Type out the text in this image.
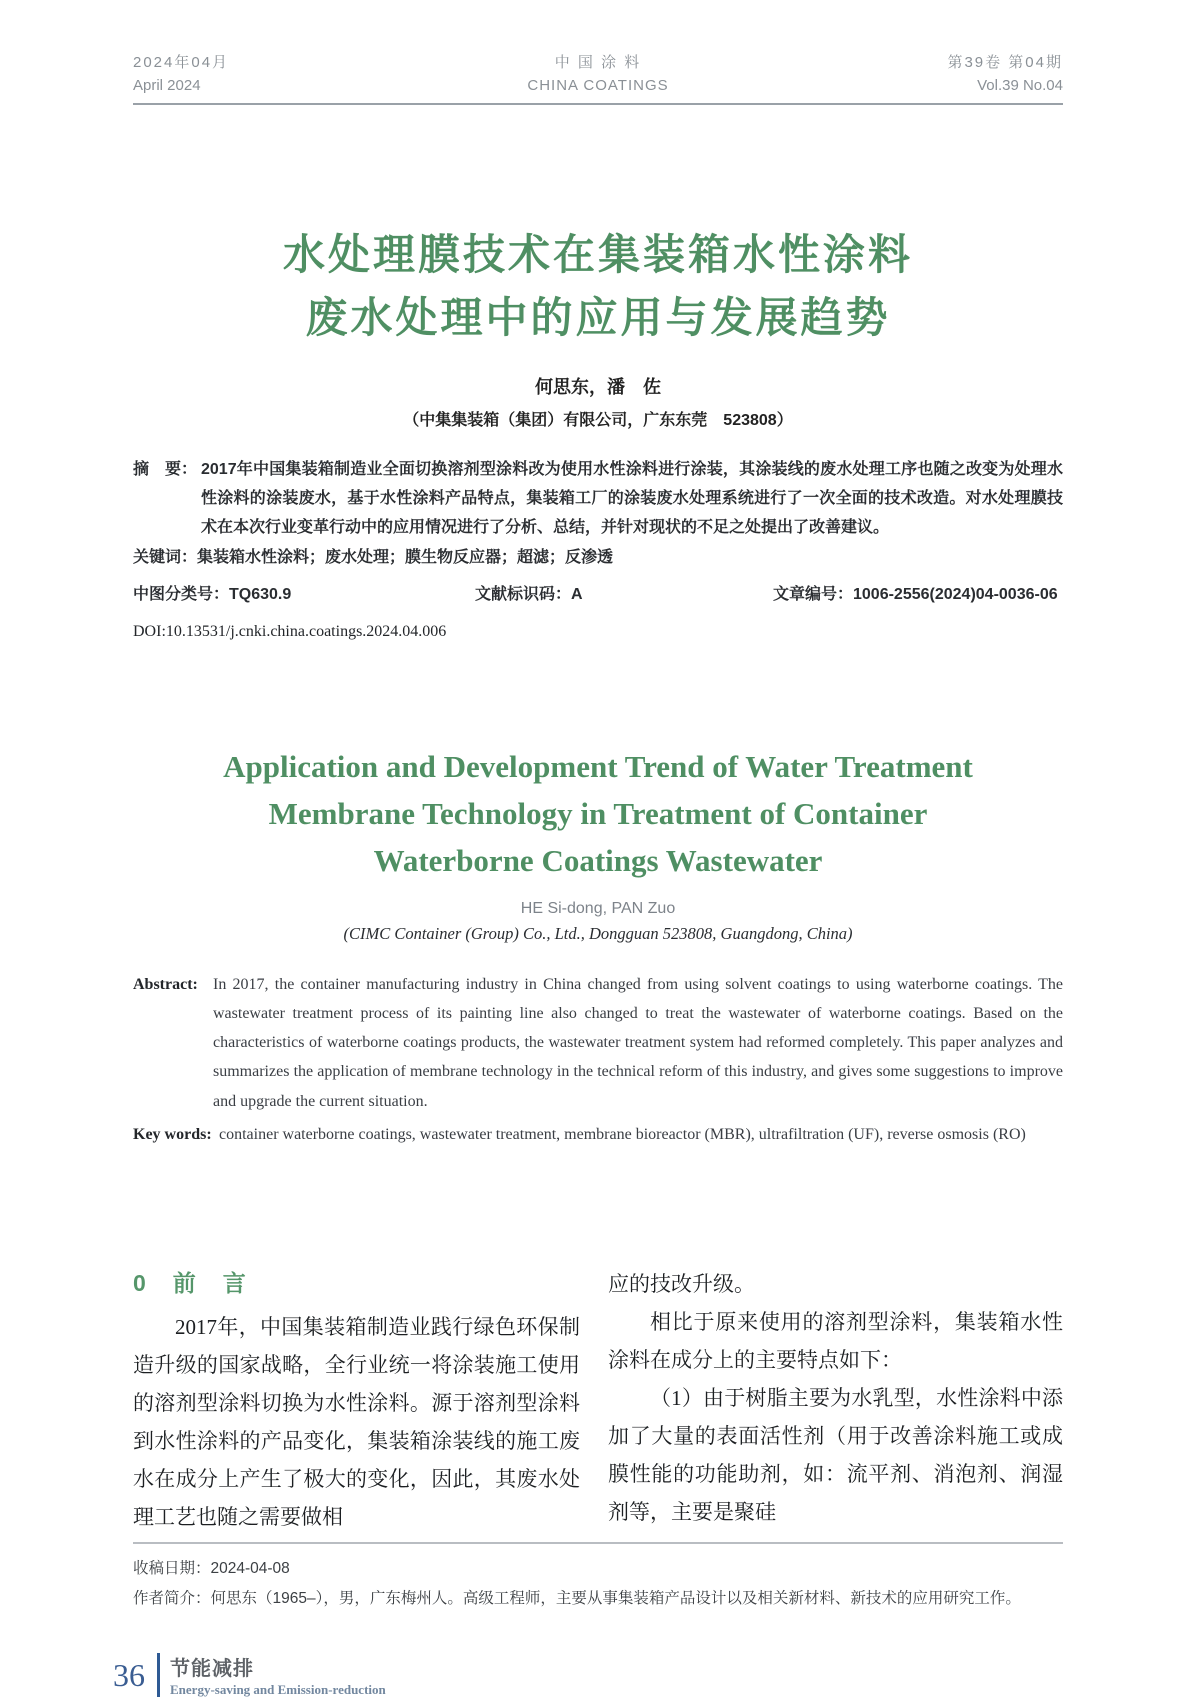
2024年04月
April 2024
中 国 涂 料
CHINA COATINGS
第39卷 第04期
Vol.39 No.04
水处理膜技术在集装箱水性涂料
废水处理中的应用与发展趋势
何思东，潘　佐
（中集集装箱（集团）有限公司，广东东莞　523808）

摘　要： 2017年中国集装箱制造业全面切换溶剂型涂料改为使用水性涂料进行涂装，其涂装线的废水处理工序也随之改变为处理水性涂料的涂装废水，基于水性涂料产品特点，集装箱工厂的涂装废水处理系统进行了一次全面的技术改造。对水处理膜技术在本次行业变革行动中的应用情况进行了分析、总结，并针对现状的不足之处提出了改善建议。

关键词：集装箱水性涂料；废水处理；膜生物反应器；超滤；反渗透

中图分类号：TQ630.9	文献标识码：A	文章编号：1006-2556(2024)04-0036-06
DOI:10.13531/j.cnki.china.coatings.2024.04.006
Application and Development Trend of Water Treatment
Membrane Technology in Treatment of Container
Waterborne Coatings Wastewater
HE Si-dong, PAN Zuo
(CIMC Container (Group) Co., Ltd., Dongguan 523808, Guangdong, China)

Abstract: In 2017, the container manufacturing industry in China changed from using solvent coatings to using waterborne coatings. The wastewater treatment process of its painting line also changed to treat the wastewater of waterborne coatings. Based on the characteristics of waterborne coatings products, the wastewater treatment system had reformed completely. This paper analyzes and summarizes the application of membrane technology in the technical reform of this industry, and gives some suggestions to improve and upgrade the current situation.

Key words: container waterborne coatings, wastewater treatment, membrane bioreactor (MBR), ultrafiltration (UF), reverse osmosis (RO)

0　前　言

2017年，中国集装箱制造业践行绿色环保制造升级的国家战略，全行业统一将涂装施工使用的溶剂型涂料切换为水性涂料。源于溶剂型涂料到水性涂料的产品变化，集装箱涂装线的施工废水在成分上产生了极大的变化，因此，其废水处理工艺也随之需要做相

应的技改升级。

相比于原来使用的溶剂型涂料，集装箱水性涂料在成分上的主要特点如下：

（1）由于树脂主要为水乳型，水性涂料中添加了大量的表面活性剂（用于改善涂料施工或成膜性能的功能助剂，如：流平剂、消泡剂、润湿剂等，主要是聚硅

收稿日期：2024-04-08
作者简介：何思东（1965–），男，广东梅州人。高级工程师，主要从事集装箱产品设计以及相关新材料、新技术的应用研究工作。
36	节能减排
Energy-saving and Emission-reduction
